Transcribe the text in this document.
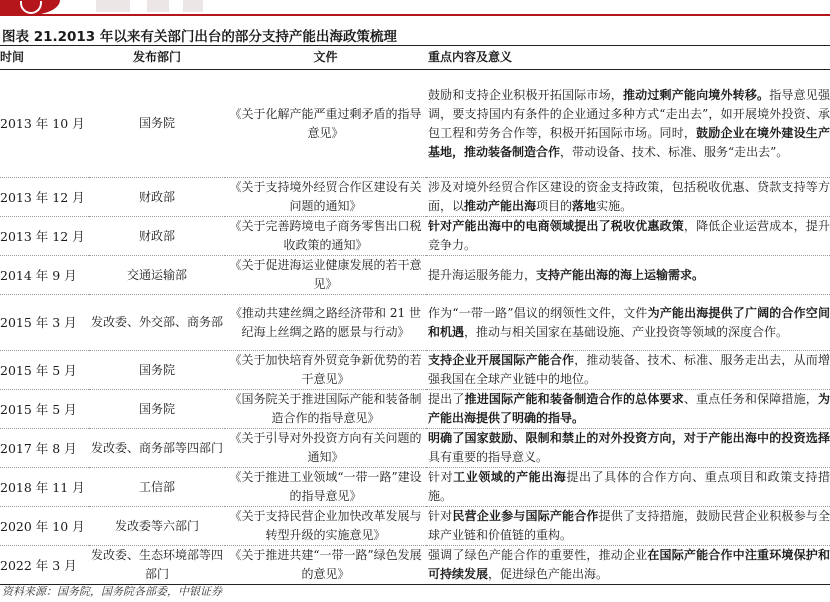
图表 21.2013 年以来有关部门出台的部分支持产能出海政策梳理
时间	发布部门	文件	重点内容及意义
2013 年 10 月	国务院	《关于化解产能严重过剩矛盾的指导意见》	鼓励和支持企业积极开拓国际市场，推动过剩产能向境外转移。指导意见强调，要支持国内有条件的企业通过多种方式“走出去”，如开展境外投资、承包工程和劳务合作等，积极开拓国际市场。同时，鼓励企业在境外建设生产基地，推动装备制造合作，带动设备、技术、标准、服务“走出去”。
2013 年 12 月	财政部	《关于支持境外经贸合作区建设有关问题的通知》	涉及对境外经贸合作区建设的资金支持政策，包括税收优惠、贷款支持等方面，以推动产能出海项目的落地实施。
2013 年 12 月	财政部	《关于完善跨境电子商务零售出口税收政策的通知》	针对产能出海中的电商领域提出了税收优惠政策，降低企业运营成本，提升竞争力。
2014 年 9 月	交通运输部	《关于促进海运业健康发展的若干意见》	提升海运服务能力，支持产能出海的海上运输需求。
2015 年 3 月	发改委、外交部、商务部	《推动共建丝绸之路经济带和 21 世纪海上丝绸之路的愿景与行动》	作为“一带一路”倡议的纲领性文件，文件为产能出海提供了广阔的合作空间和机遇，推动与相关国家在基础设施、产业投资等领域的深度合作。
2015 年 5 月	国务院	《关于加快培育外贸竞争新优势的若干意见》	支持企业开展国际产能合作，推动装备、技术、标准、服务走出去，从而增强我国在全球产业链中的地位。
2015 年 5 月	国务院	《国务院关于推进国际产能和装备制造合作的指导意见》	提出了推进国际产能和装备制造合作的总体要求、重点任务和保障措施，为产能出海提供了明确的指导。
2017 年 8 月	发改委、商务部等四部门	《关于引导对外投资方向有关问题的通知》	明确了国家鼓励、限制和禁止的对外投资方向，对于产能出海中的投资选择具有重要的指导意义。
2018 年 11 月	工信部	《关于推进工业领域“一带一路”建设的指导意见》	针对工业领域的产能出海提出了具体的合作方向、重点项目和政策支持措施。
2020 年 10 月	发改委等六部门	《关于支持民营企业加快改革发展与转型升级的实施意见》	针对民营企业参与国际产能合作提供了支持措施，鼓励民营企业积极参与全球产业链和价值链的重构。
2022 年 3 月	发改委、生态环境部等四部门	《关于推进共建“一带一路”绿色发展的意见》	强调了绿色产能合作的重要性，推动企业在国际产能合作中注重环境保护和可持续发展，促进绿色产能出海。
资料来源：国务院，国务院各部委，中银证券
